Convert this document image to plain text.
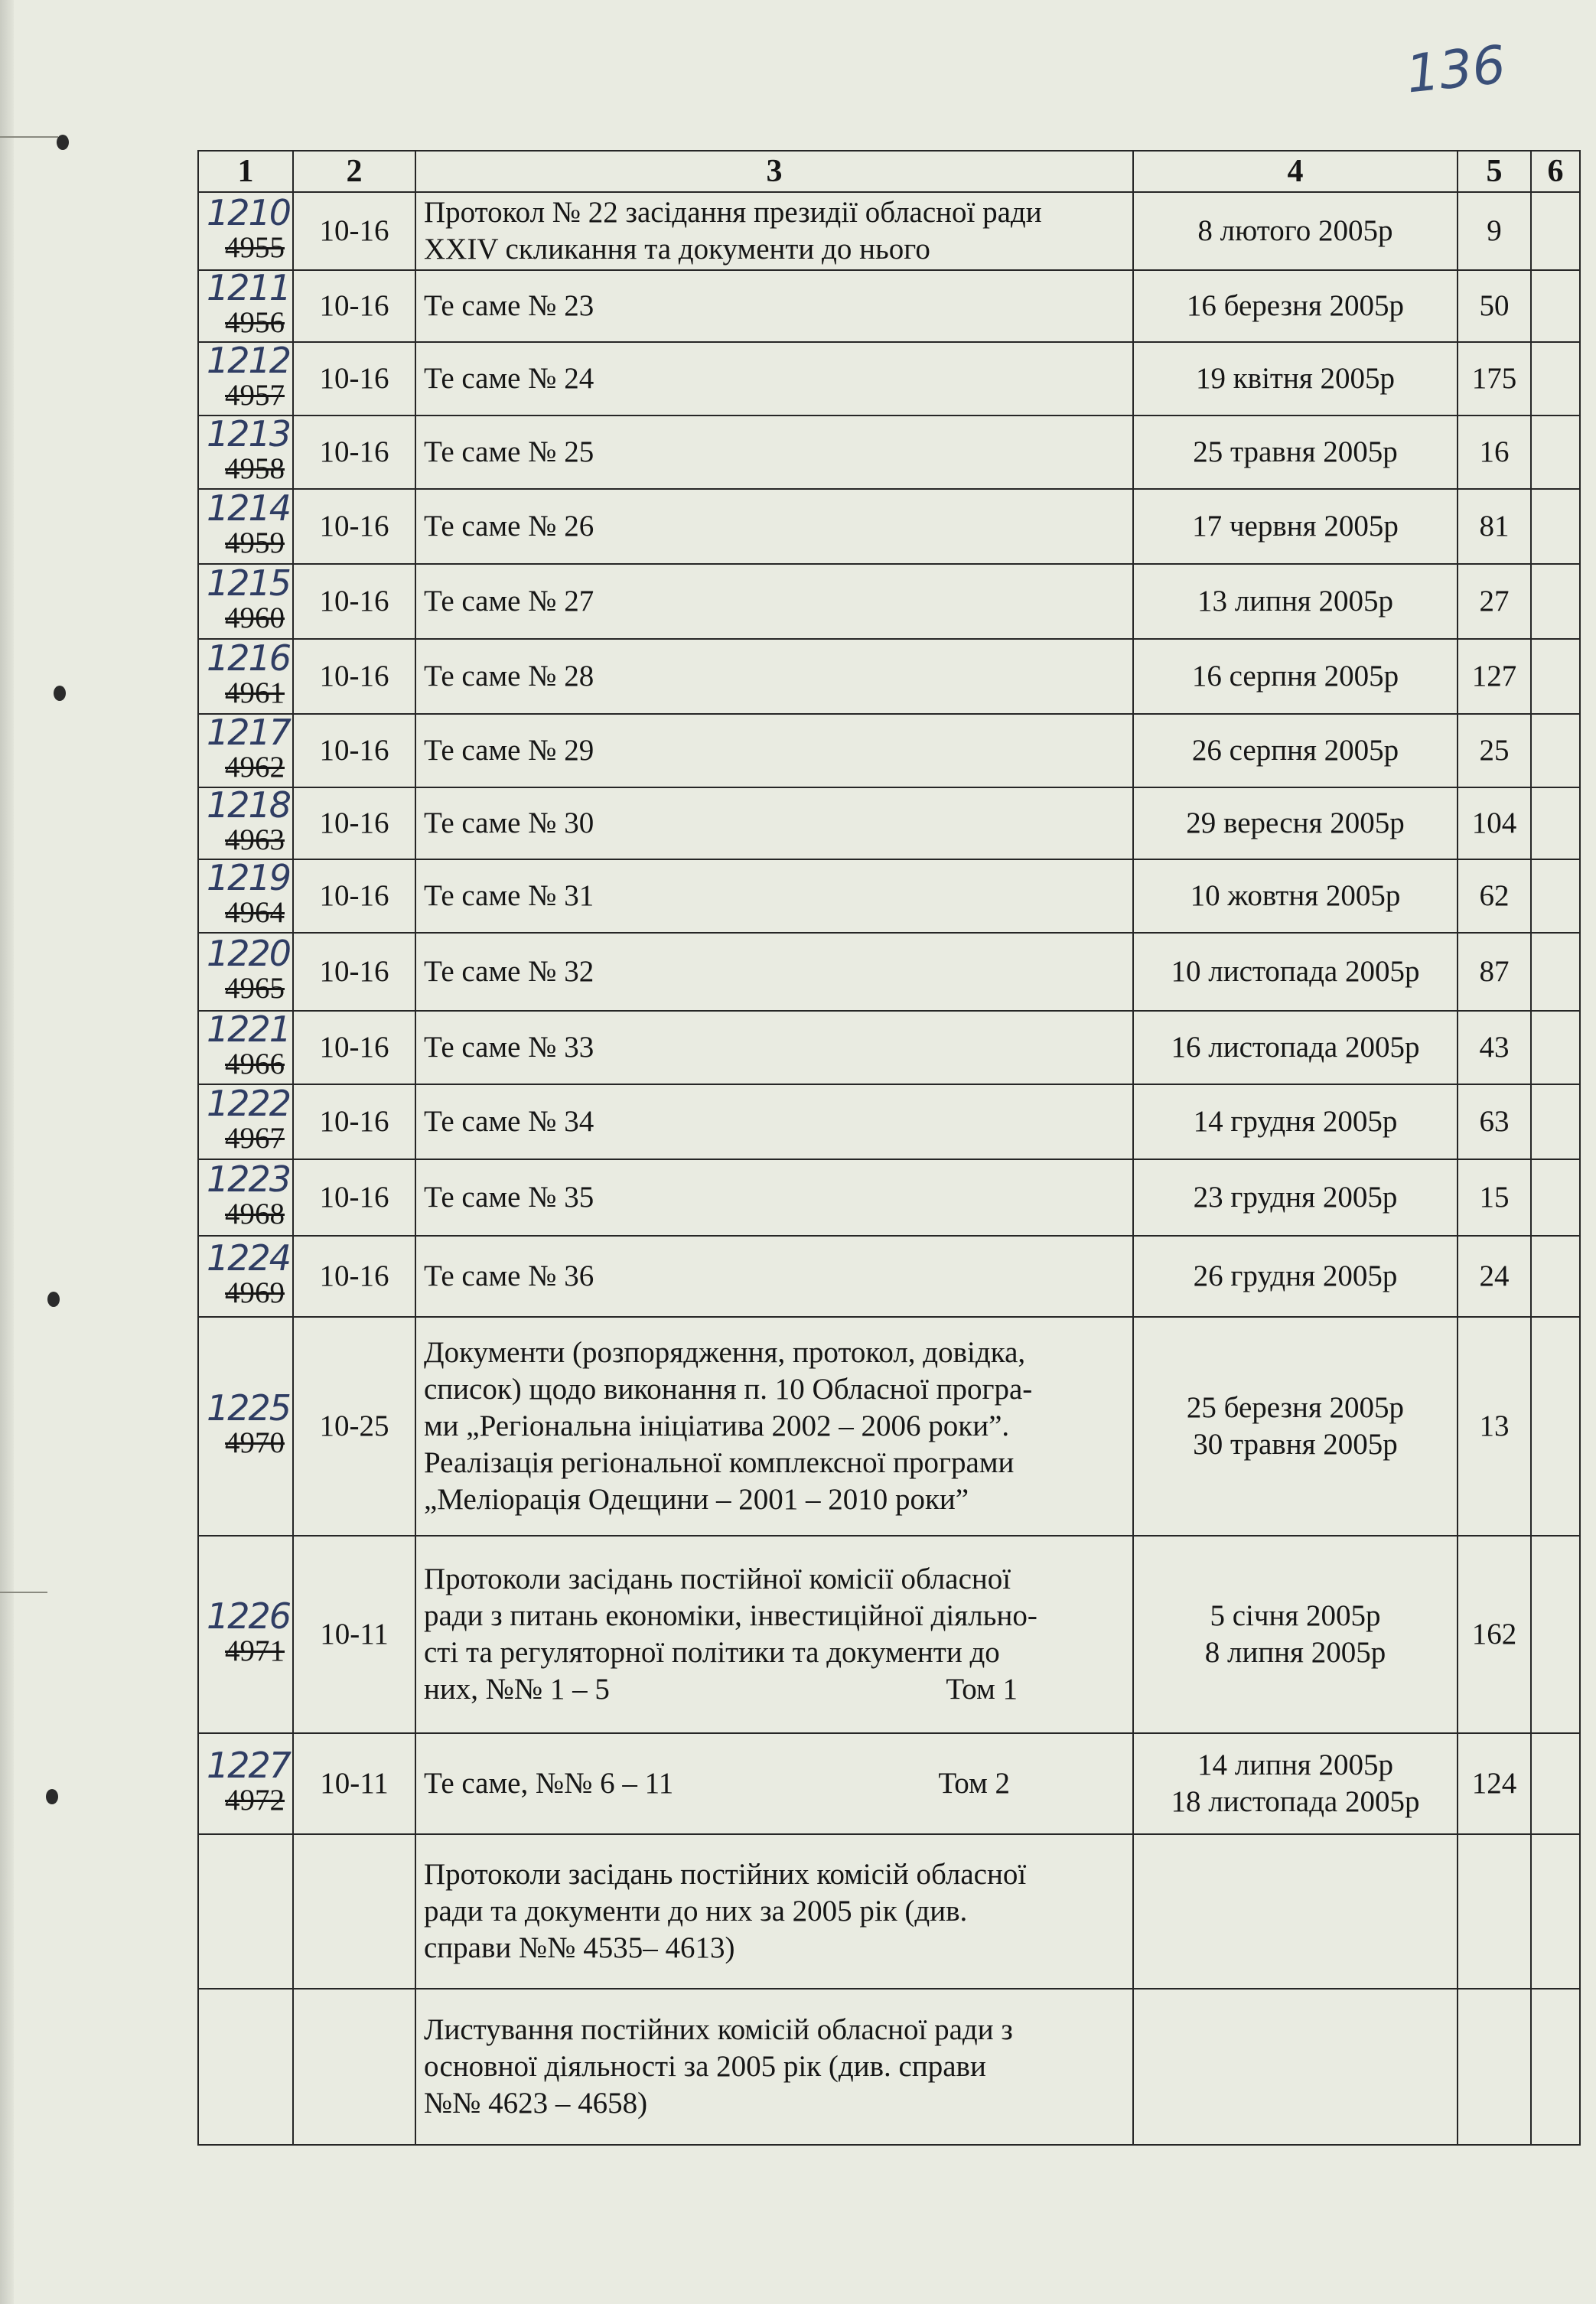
136
1	2	3	4	5	6

1210
4955	10-16	Протокол № 22 засідання президії обласної ради
XXIV скликання та документи до нього	8 лютого 2005р	9	

1211
4956	10-16	Те саме № 23	16 березня 2005р	50	

1212
4957	10-16	Те саме № 24	19 квітня 2005р	175	

1213
4958	10-16	Те саме № 25	25 травня 2005р	16	

1214
4959	10-16	Те саме № 26	17 червня 2005р	81	

1215
4960	10-16	Те саме № 27	13 липня 2005р	27	

1216
4961	10-16	Те саме № 28	16 серпня 2005р	127	

1217
4962	10-16	Те саме № 29	26 серпня 2005р	25	

1218
4963	10-16	Те саме № 30	29 вересня 2005р	104	

1219
4964	10-16	Те саме № 31	10 жовтня 2005р	62	

1220
4965	10-16	Те саме № 32	10 листопада 2005р	87	

1221
4966	10-16	Те саме № 33	16 листопада 2005р	43	

1222
4967	10-16	Те саме № 34	14 грудня 2005р	63	

1223
4968	10-16	Те саме № 35	23 грудня 2005р	15	

1224
4969	10-16	Те саме № 36	26 грудня 2005р	24	

1225
4970	10-25	Документи (розпорядження, протокол, довідка,
список) щодо виконання п. 10 Обласної програ-
ми „Регіональна ініціатива 2002 – 2006 роки”.
Реалізація регіональної комплексної програми
„Меліорація Одещини – 2001 – 2010 роки”	25 березня 2005р
30 травня 2005р	13	

1226
4971	10-11	Протоколи засідань постійної комісії обласної
ради з питань економіки, інвестиційної діяльно-
сті та регуляторної політики та документи до
них, №№ 1 – 5 Том 1	5 січня 2005р
8 липня 2005р	162	

1227
4972	10-11	Те саме, №№ 6 – 11 Том 2	14 липня 2005р
18 листопада 2005р	124	

		Протоколи засідань постійних комісій обласної
ради та документи до них за 2005 рік (див.
справи №№ 4535– 4613)			

		Листування постійних комісій обласної ради з
основної діяльності за 2005 рік (див. справи
№№ 4623 – 4658)			
